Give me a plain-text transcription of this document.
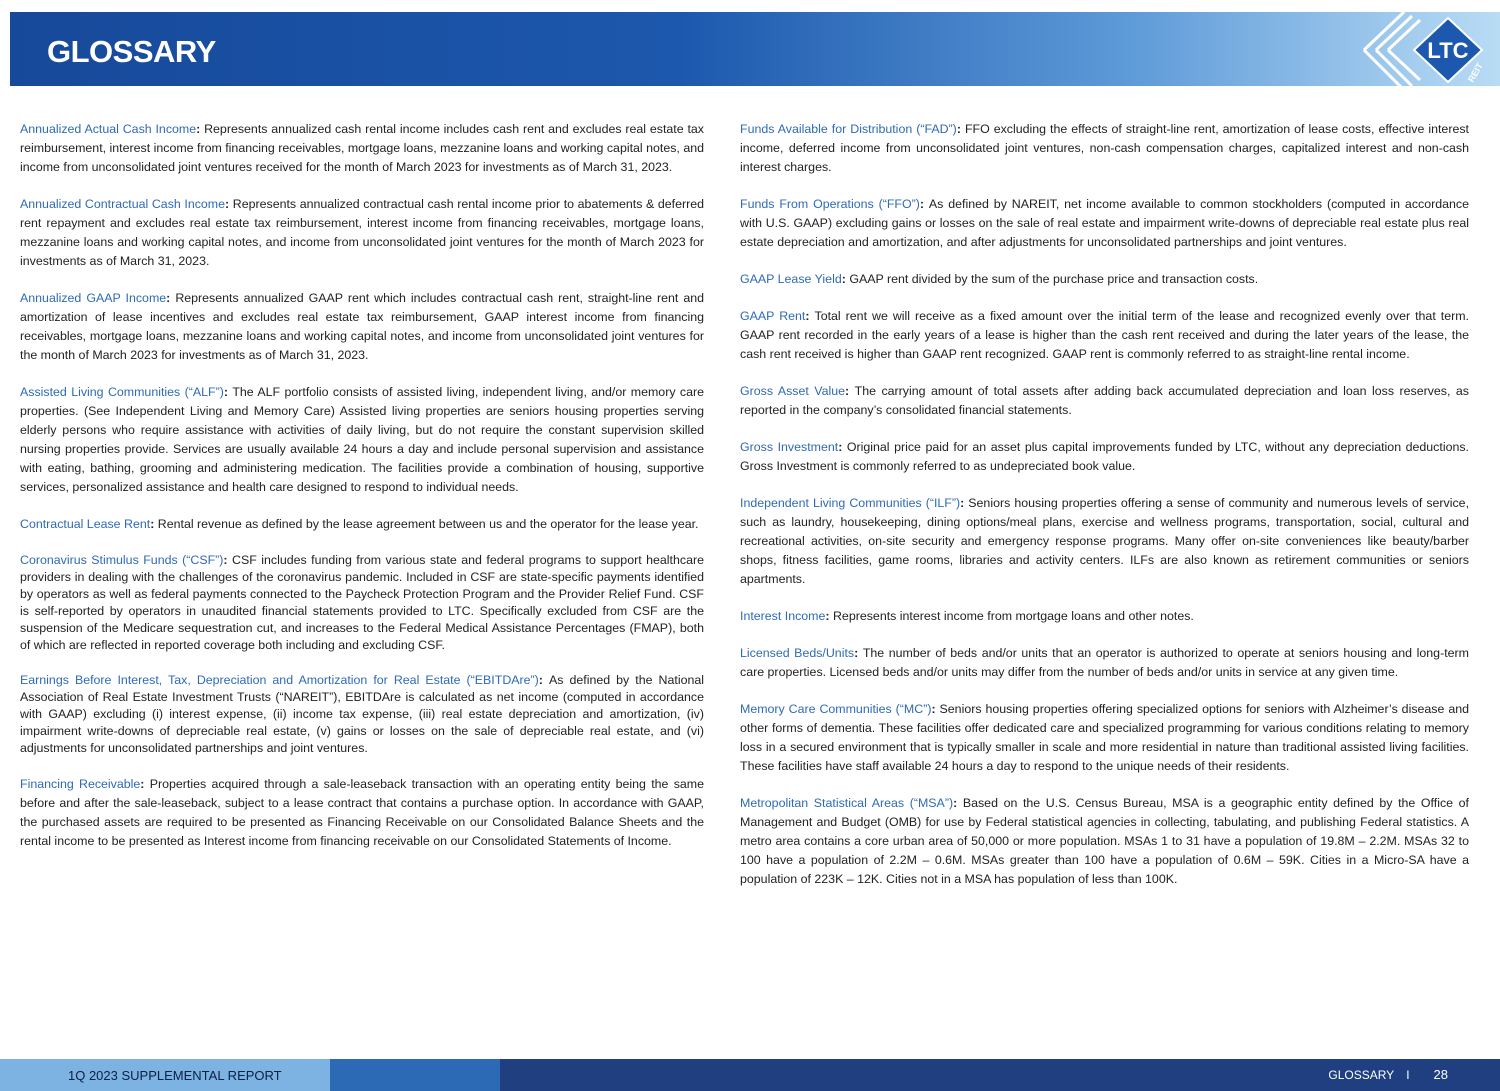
GLOSSARY	LTC
REIT

Annualized Actual Cash Income: Represents annualized cash rental income includes cash rent and excludes real estate tax reimbursement, interest income from financing receivables, mortgage loans, mezzanine loans and working capital notes, and income from unconsolidated joint ventures received for the month of March 2023 for investments as of March 31, 2023.

Annualized Contractual Cash Income: Represents annualized contractual cash rental income prior to abatements & deferred rent repayment and excludes real estate tax reimbursement, interest income from financing receivables, mortgage loans, mezzanine loans and working capital notes, and income from unconsolidated joint ventures for the month of March 2023 for investments as of March 31, 2023.

Annualized GAAP Income: Represents annualized GAAP rent which includes contractual cash rent, straight-line rent and amortization of lease incentives and excludes real estate tax reimbursement, GAAP interest income from financing receivables, mortgage loans, mezzanine loans and working capital notes, and income from unconsolidated joint ventures for the month of March 2023 for investments as of March 31, 2023.

Assisted Living Communities (“ALF”): The ALF portfolio consists of assisted living, independent living, and/or memory care properties. (See Independent Living and Memory Care) Assisted living properties are seniors housing properties serving elderly persons who require assistance with activities of daily living, but do not require the constant supervision skilled nursing properties provide. Services are usually available 24 hours a day and include personal supervision and assistance with eating, bathing, grooming and administering medication. The facilities provide a combination of housing, supportive services, personalized assistance and health care designed to respond to individual needs.

Contractual Lease Rent: Rental revenue as defined by the lease agreement between us and the operator for the lease year.

Coronavirus Stimulus Funds (“CSF”): CSF includes funding from various state and federal programs to support healthcare providers in dealing with the challenges of the coronavirus pandemic. Included in CSF are state-specific payments identified by operators as well as federal payments connected to the Paycheck Protection Program and the Provider Relief Fund. CSF is self-reported by operators in unaudited financial statements provided to LTC. Specifically excluded from CSF are the suspension of the Medicare sequestration cut, and increases to the Federal Medical Assistance Percentages (FMAP), both of which are reflected in reported coverage both including and excluding CSF.

Earnings Before Interest, Tax, Depreciation and Amortization for Real Estate (“EBITDAre”): As defined by the National Association of Real Estate Investment Trusts (“NAREIT”), EBITDAre is calculated as net income (computed in accordance with GAAP) excluding (i) interest expense, (ii) income tax expense, (iii) real estate depreciation and amortization, (iv) impairment write-downs of depreciable real estate, (v) gains or losses on the sale of depreciable real estate, and (vi) adjustments for unconsolidated partnerships and joint ventures.

Financing Receivable: Properties acquired through a sale-leaseback transaction with an operating entity being the same before and after the sale-leaseback, subject to a lease contract that contains a purchase option. In accordance with GAAP, the purchased assets are required to be presented as Financing Receivable on our Consolidated Balance Sheets and the rental income to be presented as Interest income from financing receivable on our Consolidated Statements of Income.

Funds Available for Distribution (“FAD”): FFO excluding the effects of straight-line rent, amortization of lease costs, effective interest income, deferred income from unconsolidated joint ventures, non-cash compensation charges, capitalized interest and non-cash interest charges.

Funds From Operations (“FFO”): As defined by NAREIT, net income available to common stockholders (computed in accordance with U.S. GAAP) excluding gains or losses on the sale of real estate and impairment write-downs of depreciable real estate plus real estate depreciation and amortization, and after adjustments for unconsolidated partnerships and joint ventures.

GAAP Lease Yield: GAAP rent divided by the sum of the purchase price and transaction costs.

GAAP Rent: Total rent we will receive as a fixed amount over the initial term of the lease and recognized evenly over that term. GAAP rent recorded in the early years of a lease is higher than the cash rent received and during the later years of the lease, the cash rent received is higher than GAAP rent recognized. GAAP rent is commonly referred to as straight-line rental income.

Gross Asset Value: The carrying amount of total assets after adding back accumulated depreciation and loan loss reserves, as reported in the company’s consolidated financial statements.

Gross Investment: Original price paid for an asset plus capital improvements funded by LTC, without any depreciation deductions. Gross Investment is commonly referred to as undepreciated book value.

Independent Living Communities (“ILF”): Seniors housing properties offering a sense of community and numerous levels of service, such as laundry, housekeeping, dining options/meal plans, exercise and wellness programs, transportation, social, cultural and recreational activities, on-site security and emergency response programs. Many offer on-site conveniences like beauty/barber shops, fitness facilities, game rooms, libraries and activity centers. ILFs are also known as retirement communities or seniors apartments.

Interest Income: Represents interest income from mortgage loans and other notes.

Licensed Beds/Units: The number of beds and/or units that an operator is authorized to operate at seniors housing and long-term care properties. Licensed beds and/or units may differ from the number of beds and/or units in service at any given time.

Memory Care Communities (“MC”): Seniors housing properties offering specialized options for seniors with Alzheimer’s disease and other forms of dementia. These facilities offer dedicated care and specialized programming for various conditions relating to memory loss in a secured environment that is typically smaller in scale and more residential in nature than traditional assisted living facilities. These facilities have staff available 24 hours a day to respond to the unique needs of their residents.

Metropolitan Statistical Areas (“MSA”): Based on the U.S. Census Bureau, MSA is a geographic entity defined by the Office of Management and Budget (OMB) for use by Federal statistical agencies in collecting, tabulating, and publishing Federal statistics. A metro area contains a core urban area of 50,000 or more population. MSAs 1 to 31 have a population of 19.8M – 2.2M. MSAs 32 to 100 have a population of 2.2M – 0.6M. MSAs greater than 100 have a population of 0.6M – 59K. Cities in a Micro-SA have a population of 223K – 12K. Cities not in a MSA has population of less than 100K.

1Q 2023 SUPPLEMENTAL REPORT	GLOSSARY I 28
